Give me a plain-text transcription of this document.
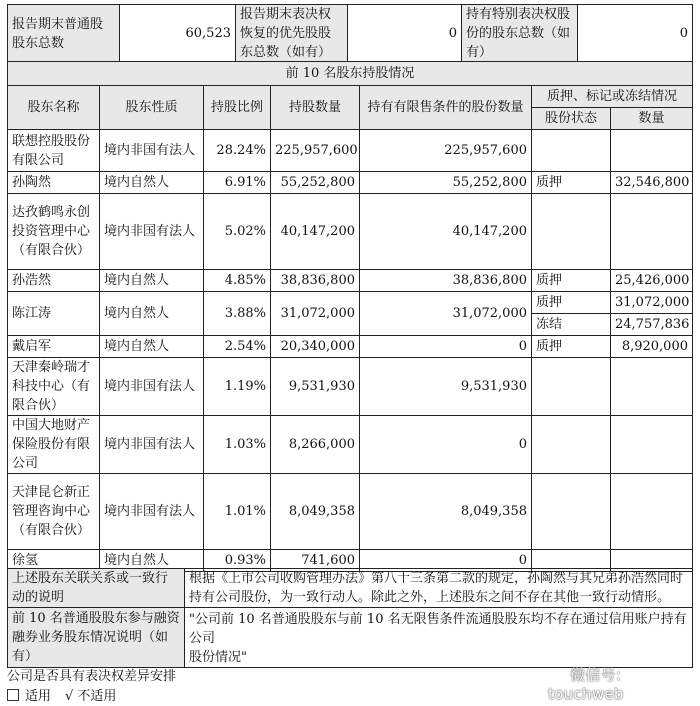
报告期末普通股股东总数	60,523	报告期末表决权恢复的优先股股东总数（如有）	0	持有特别表决权股份的股东总数（如有）	0
前 10 名股东持股情况						
股东名称	股东性质	持股比例	持股数量	持有有限售条件的股份数量	质押、标记或冻结情况	
					股份状态	数量
联想控股股份有限公司	境内非国有法人	28.24%	225,957,600	225,957,600		
孙陶然	境内自然人	6.91%	55,252,800	55,252,800	质押	32,546,800
达孜鹤鸣永创投资管理中心（有限合伙）	境内非国有法人	5.02%	40,147,200	40,147,200		
孙浩然	境内自然人	4.85%	38,836,800	38,836,800	质押	25,426,000
陈江涛	境内自然人	3.88%	31,072,000	31,072,000	质押	31,072,000
					冻结	24,757,836
戴启军	境内自然人	2.54%	20,340,000	0	质押	8,920,000
天津秦岭瑞才科技中心（有限合伙）	境内非国有法人	1.19%	9,531,930	9,531,930		
中国大地财产保险股份有限公司	境内非国有法人	1.03%	8,266,000	0		
天津昆仑新正管理咨询中心（有限合伙）	境内非国有法人	1.01%	8,049,358	8,049,358		
徐氢	境内自然人	0.93%	741,600	0		
上述股东关联关系或一致行动的说明	根据《上市公司收购管理办法》第八十三条第二款的规定，孙陶然与其兄弟孙浩然同时持有公司股份，为一致行动人。除此之外，上述股东之间不存在其他一致行动情形。
前 10 名普通股股东参与融资融券业务股东情况说明（如有）	"公司前 10 名普通股股东与前 10 名无限售条件流通股股东均不存在通过信用账户持有公司
股份情况"
公司是否具有表决权差异安排
适用 √ 不适用
微信号: touchweb
